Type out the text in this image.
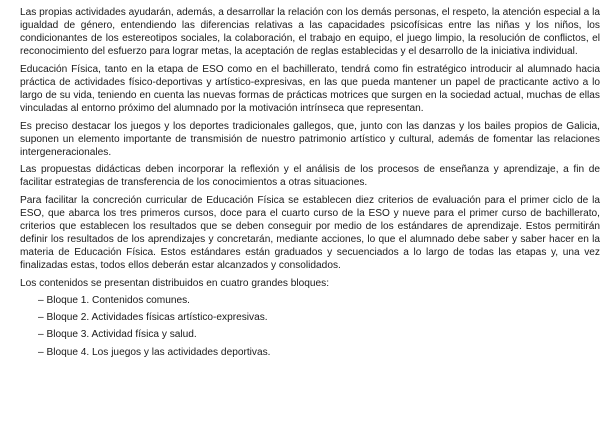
Las propias actividades ayudarán, además, a desarrollar la relación con los demás personas, el respeto, la atención especial a la igualdad de género, entendiendo las diferencias relativas a las capacidades psicofísicas entre las niñas y los niños, los condicionantes de los estereotipos sociales, la colaboración, el trabajo en equipo, el juego limpio, la resolución de conflictos, el reconocimiento del esfuerzo para lograr metas, la aceptación de reglas establecidas y el desarrollo de la iniciativa individual.

Educación Física, tanto en la etapa de ESO como en el bachillerato, tendrá como fin estratégico introducir al alumnado hacia práctica de actividades físico-deportivas y artístico-expresivas, en las que pueda mantener un papel de practicante activo a lo largo de su vida, teniendo en cuenta las nuevas formas de prácticas motrices que surgen en la sociedad actual, muchas de ellas vinculadas al entorno próximo del alumnado por la motivación intrínseca que representan.

Es preciso destacar los juegos y los deportes tradicionales gallegos, que, junto con las danzas y los bailes propios de Galicia, suponen un elemento importante de transmisión de nuestro patrimonio artístico y cultural, además de fomentar las relaciones intergeneracionales.

Las propuestas didácticas deben incorporar la reflexión y el análisis de los procesos de enseñanza y aprendizaje, a fin de facilitar estrategias de transferencia de los conocimientos a otras situaciones.

Para facilitar la concreción curricular de Educación Física se establecen diez criterios de evaluación para el primer ciclo de la ESO, que abarca los tres primeros cursos, doce para el cuarto curso de la ESO y nueve para el primer curso de bachillerato, criterios que establecen los resultados que se deben conseguir por medio de los estándares de aprendizaje. Estos permitirán definir los resultados de los aprendizajes y concretarán, mediante acciones, lo que el alumnado debe saber y saber hacer en la materia de Educación Física. Estos estándares están graduados y secuenciados a lo largo de todas las etapas y, una vez finalizadas estas, todos ellos deberán estar alcanzados y consolidados.

Los contenidos se presentan distribuidos en cuatro grandes bloques:

– Bloque 1. Contenidos comunes.
– Bloque 2. Actividades físicas artístico-expresivas.
– Bloque 3. Actividad física y salud.
– Bloque 4. Los juegos y las actividades deportivas.
